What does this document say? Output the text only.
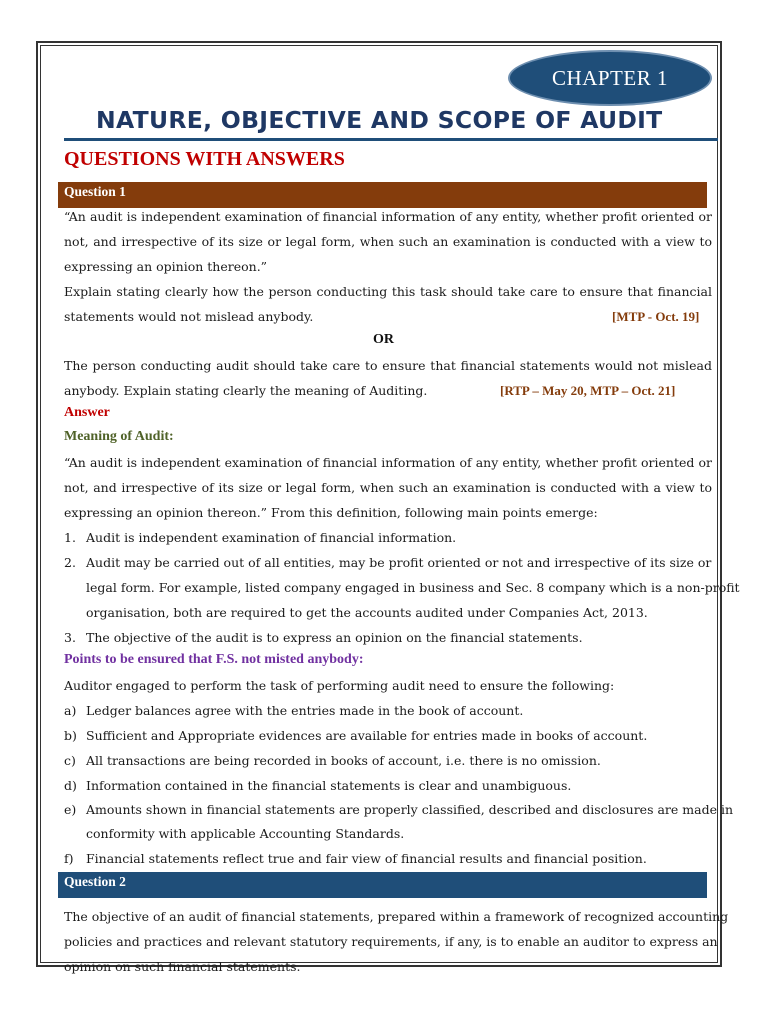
CHAPTER 1
NATURE, OBJECTIVE AND SCOPE OF AUDIT
QUESTIONS WITH ANSWERS
Question 1
“An audit is independent examination of financial information of any entity, whether profit oriented or
not, and irrespective of its size or legal form, when such an examination is conducted with a view to
expressing an opinion thereon.”
Explain stating clearly how the person conducting this task should take care to ensure that financial
statements would not mislead anybody.	[MTP - Oct. 19]
OR
The person conducting audit should take care to ensure that financial statements would not mislead
anybody. Explain stating clearly the meaning of Auditing.	[RTP – May 20, MTP – Oct. 21]
Answer
Meaning of Audit:
“An audit is independent examination of financial information of any entity, whether profit oriented or
not, and irrespective of its size or legal form, when such an examination is conducted with a view to
expressing an opinion thereon.” From this definition, following main points emerge:
1. Audit is independent examination of financial information.
2. Audit may be carried out of all entities, may be profit oriented or not and irrespective of its size or
legal form. For example, listed company engaged in business and Sec. 8 company which is a non-profit
organisation, both are required to get the accounts audited under Companies Act, 2013.
3. The objective of the audit is to express an opinion on the financial statements.
Points to be ensured that F.S. not misted anybody:
Auditor engaged to perform the task of performing audit need to ensure the following:
a) Ledger balances agree with the entries made in the book of account.
b) Sufficient and Appropriate evidences are available for entries made in books of account.
c) All transactions are being recorded in books of account, i.e. there is no omission.
d) Information contained in the financial statements is clear and unambiguous.
e) Amounts shown in financial statements are properly classified, described and disclosures are made in
conformity with applicable Accounting Standards.
f) Financial statements reflect true and fair view of financial results and financial position.
Question 2
The objective of an audit of financial statements, prepared within a framework of recognized accounting
policies and practices and relevant statutory requirements, if any, is to enable an auditor to express an
opinion on such financial statements.
